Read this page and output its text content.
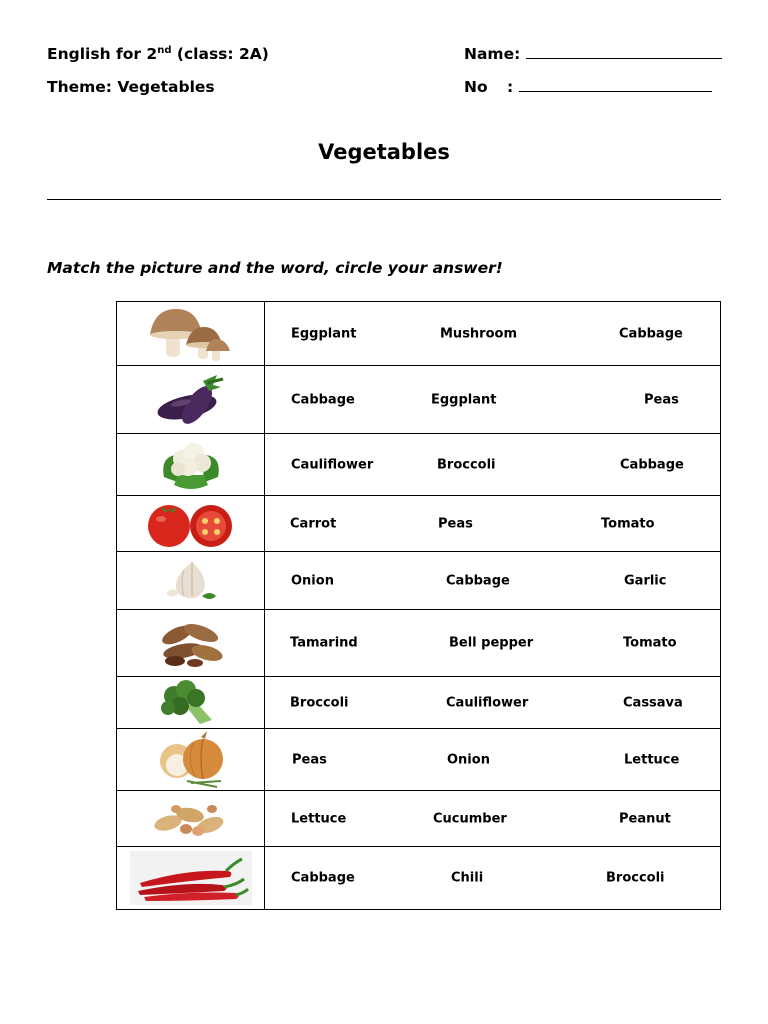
English for 2nd (class: 2A)
Theme: Vegetables
Name:
No :
Vegetables
Match the picture and the word, circle your answer!

Eggplant Mushroom Cabbage

Cabbage Eggplant Peas

Cauliflower Broccoli Cabbage

Carrot Peas Tomato

Onion Cabbage Garlic

Tamarind Bell pepper Tomato

Broccoli Cauliflower Cassava

Peas Onion Lettuce

Lettuce Cucumber Peanut

Cabbage Chili Broccoli
